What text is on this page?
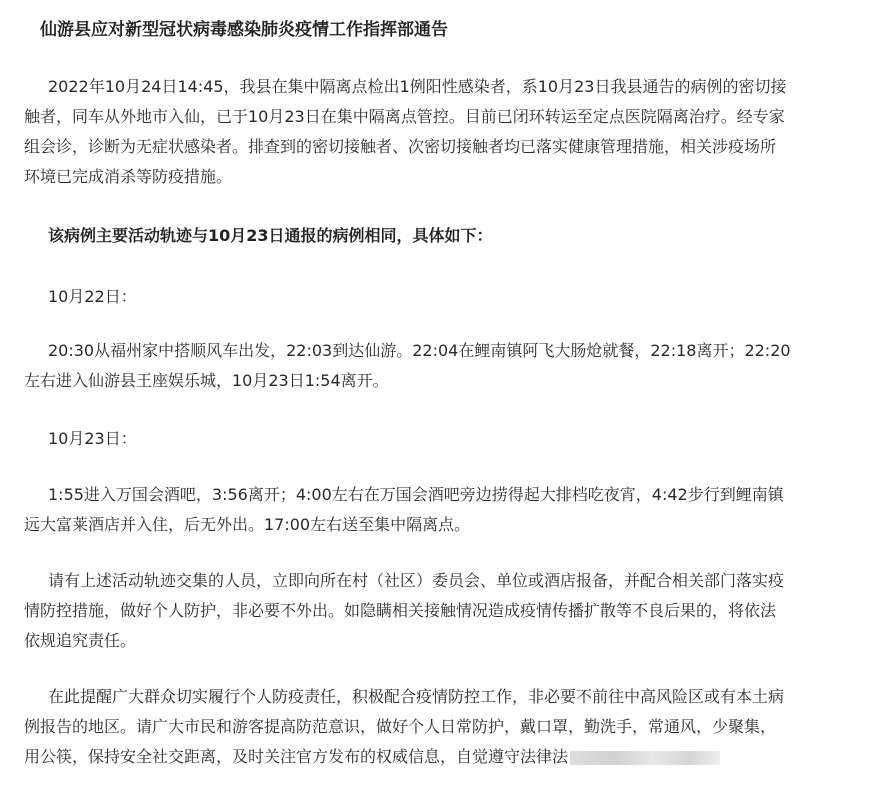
仙游县应对新型冠状病毒感染肺炎疫情工作指挥部通告
2022年10月24日14:45，我县在集中隔离点检出1例阳性感染者，系10月23日我县通告的病例的密切接
触者，同车从外地市入仙，已于10月23日在集中隔离点管控。目前已闭环转运至定点医院隔离治疗。经专家
组会诊，诊断为无症状感染者。排查到的密切接触者、次密切接触者均已落实健康管理措施，相关涉疫场所
环境已完成消杀等防疫措施。
该病例主要活动轨迹与10月23日通报的病例相同，具体如下：
10月22日：
20:30从福州家中搭顺风车出发，22:03到达仙游。22:04在鲤南镇阿飞大肠炝就餐，22:18离开；22:20
左右进入仙游县王座娱乐城，10月23日1:54离开。
10月23日：
1:55进入万国会酒吧，3:56离开；4:00左右在万国会酒吧旁边捞得起大排档吃夜宵，4:42步行到鲤南镇
远大富莱酒店并入住，后无外出。17:00左右送至集中隔离点。
请有上述活动轨迹交集的人员，立即向所在村（社区）委员会、单位或酒店报备，并配合相关部门落实疫
情防控措施，做好个人防护，非必要不外出。如隐瞒相关接触情况造成疫情传播扩散等不良后果的，将依法
依规追究责任。
在此提醒广大群众切实履行个人防疫责任，积极配合疫情防控工作，非必要不前往中高风险区或有本土病
例报告的地区。请广大市民和游客提高防范意识，做好个人日常防护，戴口罩，勤洗手，常通风，少聚集，
用公筷，保持安全社交距离，及时关注官方发布的权威信息，自觉遵守法律法
